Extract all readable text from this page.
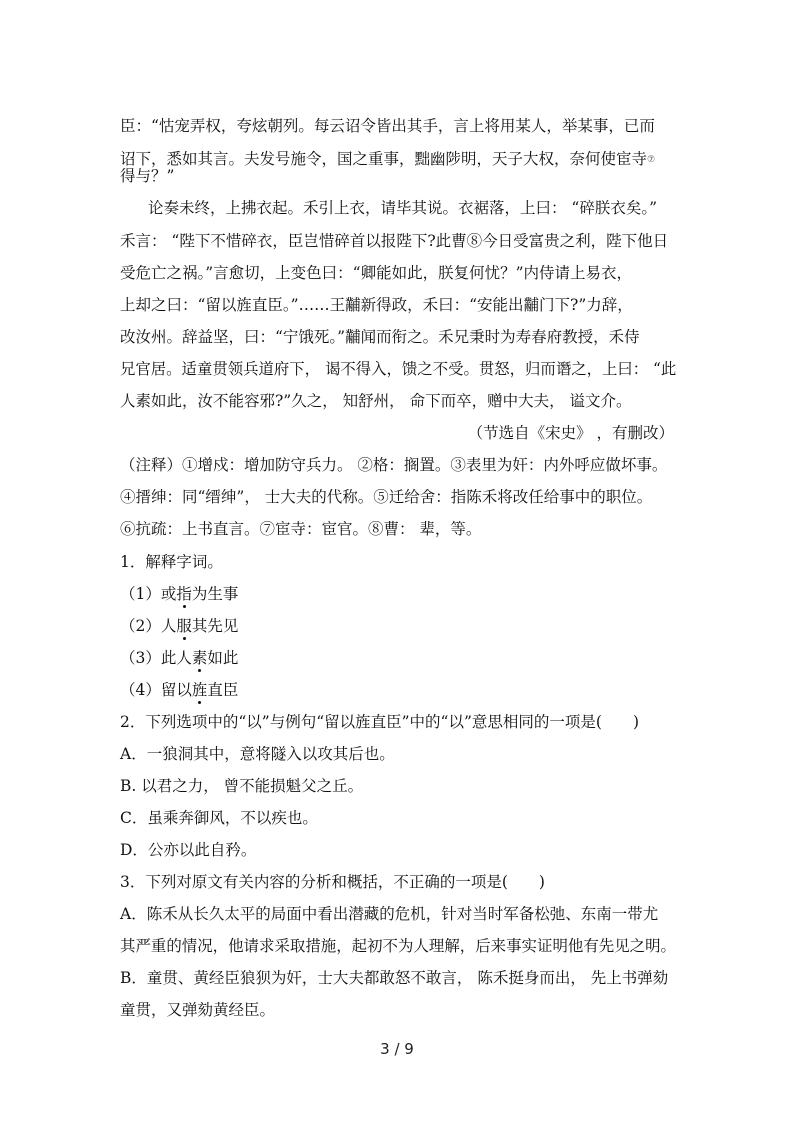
臣：“怙宠弄权，夸炫朝列。每云诏令皆出其手，言上将用某人，举某事，已而
诏下，悉如其言。夫发号施令，国之重事，黜幽陟明，天子大权，奈何使宦寺⑦
得与？”
论奏未终，上拂衣起。禾引上衣，请毕其说。衣裾落，上曰： “碎朕衣矣。”
禾言： “陛下不惜碎衣，臣岂惜碎首以报陛下?此曹⑧今日受富贵之利，陛下他日
受危亡之祸。”言愈切，上变色曰：“卿能如此，朕复何忧？”内侍请上易衣，
上却之曰：“留以旌直臣。”……王黼新得政，禾曰：“安能出黼门下?”力辞，
改汝州。辞益坚，曰：“宁饿死。”黼闻而衔之。禾兄秉时为寿春府教授，禾侍
兄官居。适童贯领兵道府下， 谒不得入，馈之不受。贯怒，归而谮之，上曰： “此
人素如此，汝不能容邪?”久之， 知舒州， 命下而卒，赠中大夫， 谥文介。
（节选自《宋史》 ，有删改）
（注释）①增戍：增加防守兵力。 ②格：搁置。③表里为奸：内外呼应做坏事。
④搢绅：同“缙绅”， 士大夫的代称。⑤迁给舍：指陈禾将改任给事中的职位。
⑥抗疏：上书直言。⑦宦寺：宦官。⑧曹： 辈，等。
1．解释字词。
（1）或指为生事
（2）人服其先见
（3）此人素如此
（4）留以旌直臣
2．下列选项中的“以”与例句“留以旌直臣”中的“以”意思相同的一项是(　　)
A．一狼洞其中，意将隧入以攻其后也。
B. 以君之力， 曾不能损魁父之丘。
C．虽乘奔御风，不以疾也。
D．公亦以此自矜。
3．下列对原文有关内容的分析和概括，不正确的一项是(　　)
A．陈禾从长久太平的局面中看出潜藏的危机，针对当时军备松弛、东南一带尤
其严重的情况，他请求采取措施，起初不为人理解，后来事实证明他有先见之明。
B．童贯、黄经臣狼狈为奸，士大夫都敢怒不敢言， 陈禾挺身而出， 先上书弹劾
童贯，又弹劾黄经臣。
3 / 9
